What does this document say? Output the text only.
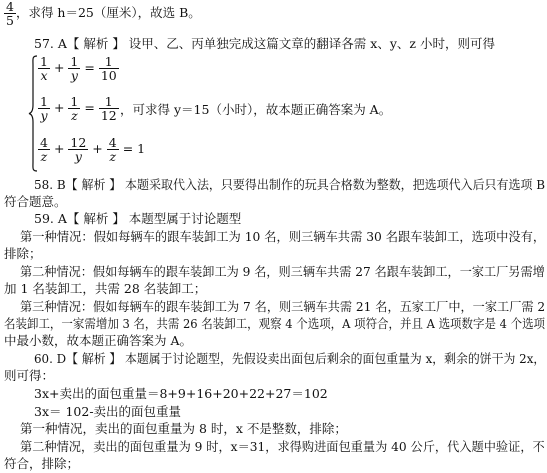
$\frac{4}{5}$ ，求得 h＝25（厘米），故选 B。
57. A【 解析 】 设甲、乙、丙单独完成这篇文章的翻译各需 x、y、z 小时，则可得
$\frac{1}{x} + \frac{1}{y} = \frac{1}{10}$
$\frac{1}{y} + \frac{1}{z} = \frac{1}{12}$ ，可求得 y＝15（小时），故本题正确答案为 A。
$\frac{4}{z} + \frac{12}{y} + \frac{4}{z} = 1$
58. B【 解析 】 本题采取代入法，只要得出制作的玩具合格数为整数，把选项代入后只有选项 B
符合题意。
59. A【 解析 】 本题型属于讨论题型
第一种情况：假如每辆车的跟车装卸工为 10 名，则三辆车共需 30 名跟车装卸工，选项中没有，
排除；
第二种情况：假如每辆车的跟车装卸工为 9 名，则三辆车共需 27 名跟车装卸工，一家工厂另需增
加 1 名装卸工，共需 28 名装卸工；
第三种情况：假如每辆车的跟车装卸工为 7 名，则三辆车共需 21 名，五家工厂中，一家工厂需 2
名装卸工，一家需增加 3 名，共需 26 名装卸工，观察 4 个选项，A 项符合，并且 A 选项数字是 4 个选项
中最小数，故本题正确答案为 A。
60. D【 解析 】 本题属于讨论题型，先假设卖出面包后剩余的面包重量为 x，剩余的饼干为 2x，
则可得：
3x+卖出的面包重量＝8+9+16+20+22+27＝102
3x＝ 102-卖出的面包重量
第一种情况，卖出的面包重量为 8 时，x 不是整数，排除；
第二种情况，卖出的面包重量为 9 时，x＝31，求得购进面包重量为 40 公斤，代入题中验证，不
符合，排除；
